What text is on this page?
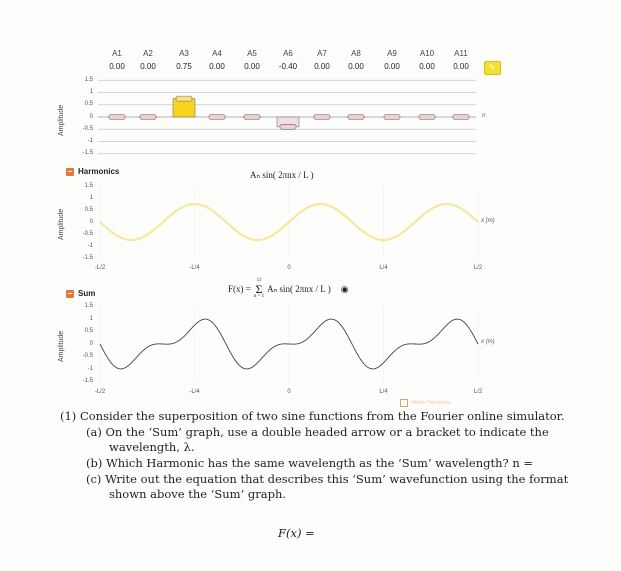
A1
0.00
A2
0.00
A3
0.75
A4
0.00
A5
0.00
A6
-0.40
A7
0.00
A8
0.00
A9
0.00
A10
0.00
A11
0.00	✎
n
Amplitude
1.5
1
0.5
0
-0.5
-1
-1.5
− Harmonics	Aₙ sin( 2πnx / L )
Amplitude	x (m)
1.5
1
0.5
0
-0.5
-1
-1.5
-L/2	-L/4	0	L/4	L/2
F(x) =
11
Σ
n = 1
Aₙ sin( 2πnx / L ) ◉
− Sum
Amplitude	x (m)
1.5
1
0.5
0
-0.5
-1
-1.5
-L/2	-L/4	0	L/4	L/2
Infinite Harmonics
(1) Consider the superposition of two sine functions from the Fourier online simulator.
(a) On the ‘Sum’ graph, use a double headed arrow or a bracket to indicate the
wavelength, λ.
(b) Which Harmonic has the same wavelength as the ‘Sum’ wavelength? n =
(c) Write out the equation that describes this ‘Sum’ wavefunction using the format
shown above the ‘Sum’ graph.
F(x) =
